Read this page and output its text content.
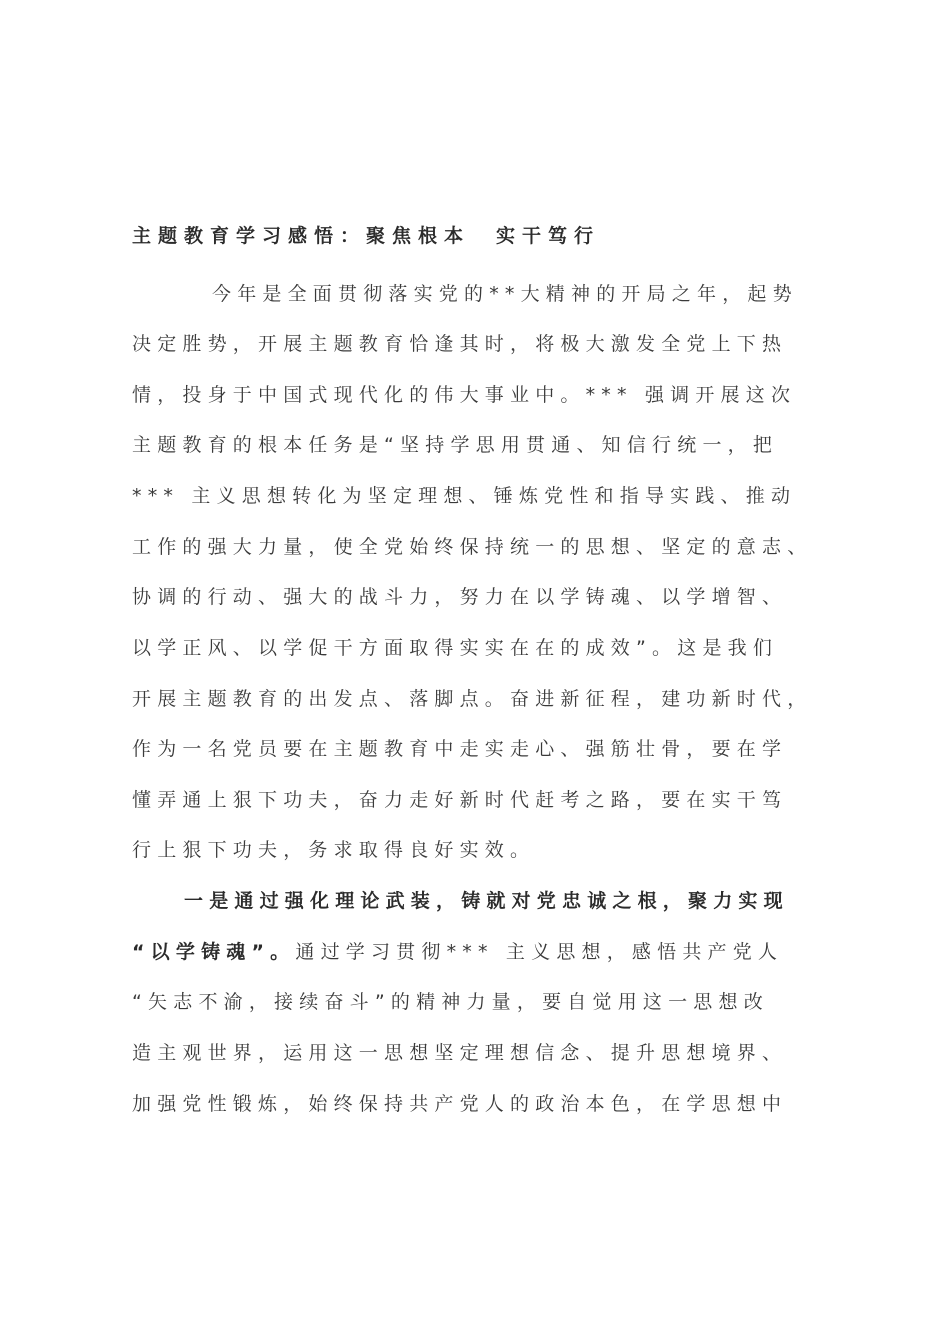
主题教育学习感悟：聚焦根本　实干笃行
今年是全面贯彻落实党的**大精神的开局之年，起势
决定胜势，开展主题教育恰逢其时，将极大激发全党上下热
情，投身于中国式现代化的伟大事业中。*** 强调开展这次
主题教育的根本任务是“坚持学思用贯通、知信行统一，把
*** 主义思想转化为坚定理想、锤炼党性和指导实践、推动
工作的强大力量，使全党始终保持统一的思想、坚定的意志、
协调的行动、强大的战斗力，努力在以学铸魂、以学增智、
以学正风、以学促干方面取得实实在在的成效”。这是我们
开展主题教育的出发点、落脚点。奋进新征程，建功新时代，
作为一名党员要在主题教育中走实走心、强筋壮骨，要在学
懂弄通上狠下功夫，奋力走好新时代赶考之路，要在实干笃
行上狠下功夫，务求取得良好实效。
一是通过强化理论武装，铸就对党忠诚之根，聚力实现
“以学铸魂”。通过学习贯彻*** 主义思想，感悟共产党人
“矢志不渝，接续奋斗”的精神力量，要自觉用这一思想改
造主观世界，运用这一思想坚定理想信念、提升思想境界、
加强党性锻炼，始终保持共产党人的政治本色，在学思想中
